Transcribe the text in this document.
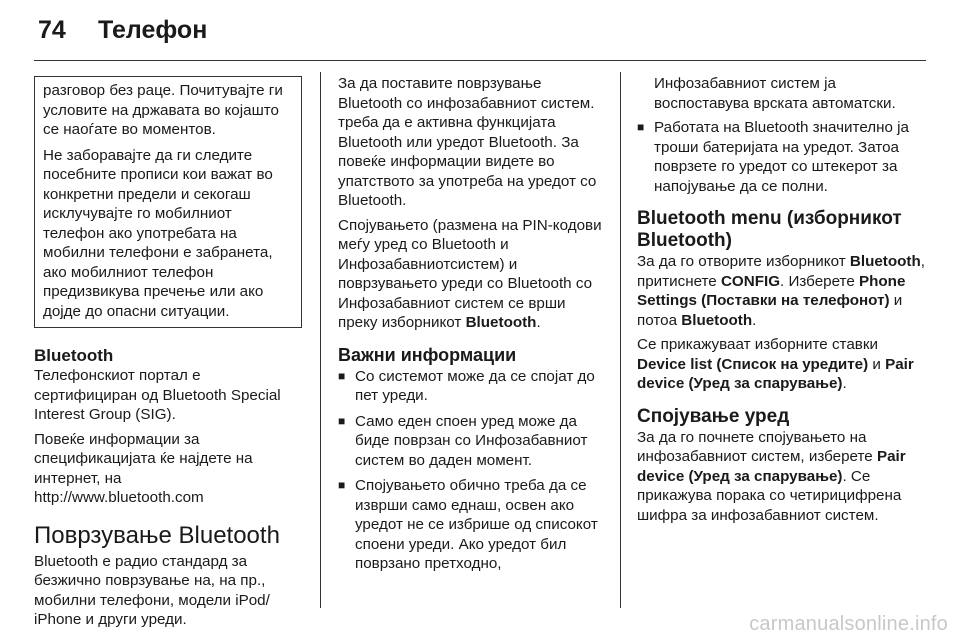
74 Телефон

разговор без раце. Почитувајте ги условите на државата во којашто се наоѓате во моментов.

Не заборавајте да ги следите посебните прописи кои важат во конкретни предели и секогаш исклучувајте го мобилниот телефон ако употребата на мобилни телефони е забранета, ако мобилниот телефон предизвикува пречење или ако дојде до опасни ситуации.

Bluetooth

Телефонскиот портал е сертифициран од Bluetooth Special Interest Group (SIG).

Повеќе информации за спецификацијата ќе најдете на интернет, на
http://www.bluetooth.com

Поврзување Bluetooth

Bluetooth е радио стандард за безжично поврзување на, на пр., мобилни телефони, модели iPod/ iPhone и други уреди.

За да поставите поврзување Bluetooth со инфозабавниот систем. треба да е активна функцијата Bluetooth или уредот Bluetooth. За повеќе информации видете во упатството за употреба на уредот со Bluetooth.

Спојувањето (размена на PIN-кодови меѓу уред со Bluetooth и Инфозабавниотсистем) и поврзувањето уреди со Bluetooth со Инфозабавниот систем се врши преку изборникот Bluetooth.

Важни информации
■ Со системот може да се спојат до пет уреди.
■ Само еден споен уред може да биде поврзан со Инфозабавниот систем во даден момент.
■ Спојувањето обично треба да се изврши само еднаш, освен ако уредот не се избрише од списокот споени уреди. Ако уредот бил поврзано претходно,

Инфозабавниот систем ја воспоставува врската автоматски.

■ Работата на Bluetooth значително ја троши батеријата на уредот. Затоа поврзете го уредот со штекерот за напојување да се полни.
Bluetooth menu (изборникот Bluetooth)

За да го отворите изборникот Bluetooth, притиснете CONFIG. Изберете Phone Settings (Поставки на телефонот) и потоа Bluetooth.

Се прикажуваат изборните ставки Device list (Список на уредите) и Pair device (Уред за спарување).

Спојување уред

За да го почнете спојувањето на инфозабавниот систем, изберете Pair device (Уред за спарување). Се прикажува порака со четирицифрена шифра за инфозабавниот систем.

carmanualsonline.info
